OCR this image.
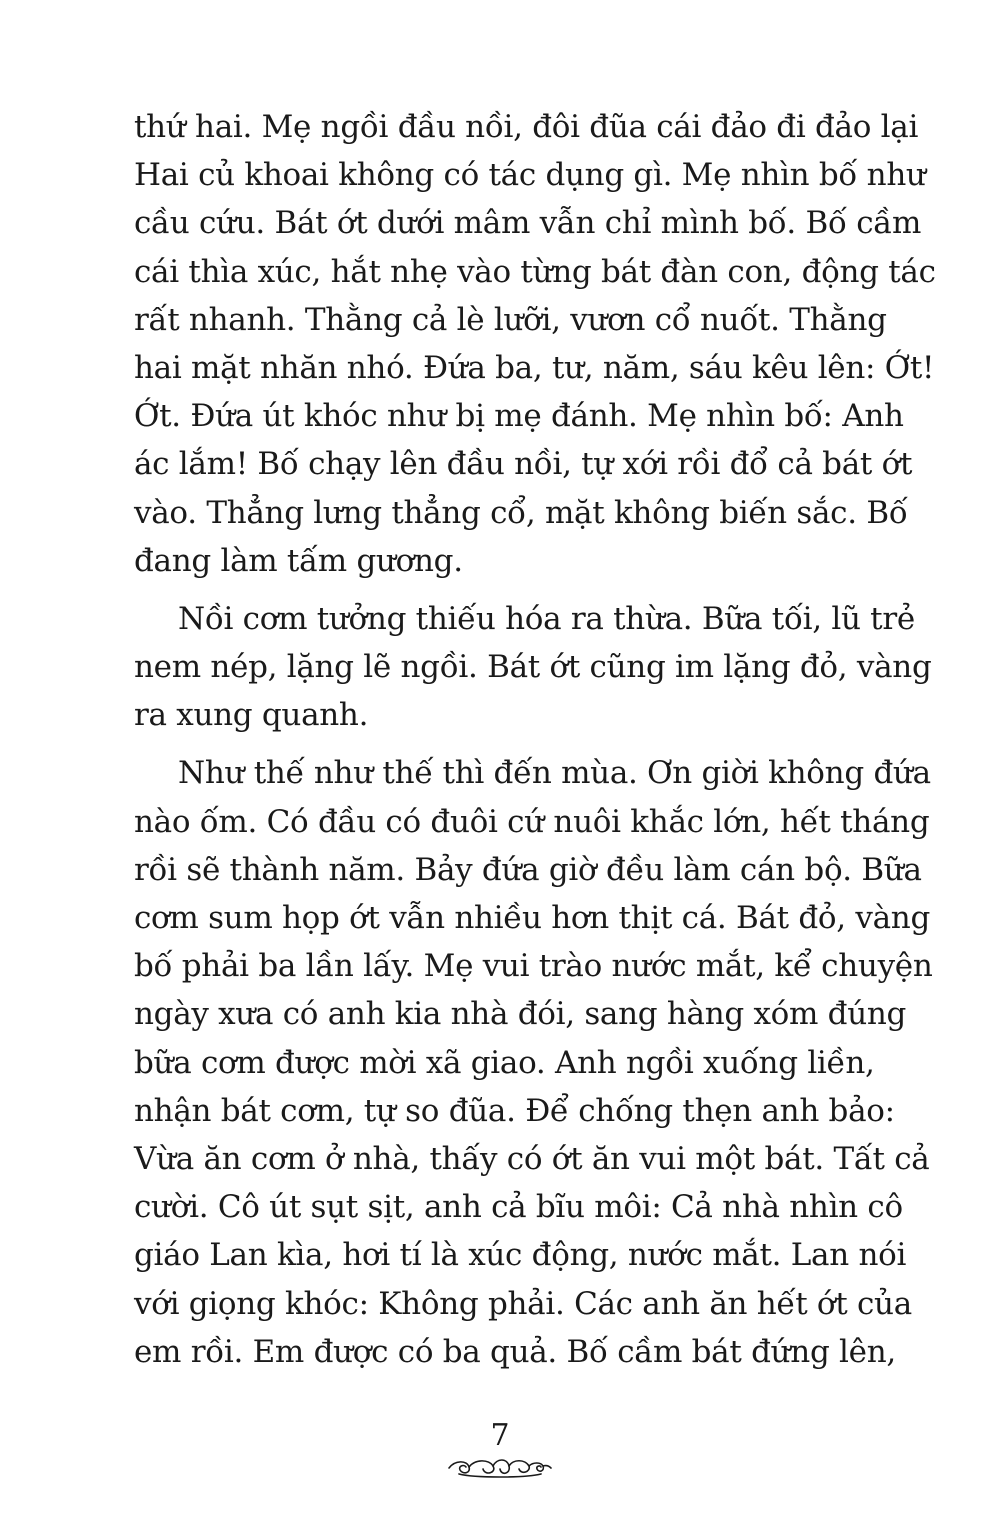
thứ hai. Mẹ ngồi đầu nồi, đôi đũa cái đảo đi đảo lại
Hai củ khoai không có tác dụng gì. Mẹ nhìn bố như
cầu cứu. Bát ớt dưới mâm vẫn chỉ mình bố. Bố cầm
cái thìa xúc, hắt nhẹ vào từng bát đàn con, động tác
rất nhanh. Thằng cả lè lưỡi, vươn cổ nuốt. Thằng
hai mặt nhăn nhó. Đứa ba, tư, năm, sáu kêu lên: Ớt!
Ớt. Đứa út khóc như bị mẹ đánh. Mẹ nhìn bố: Anh
ác lắm! Bố chạy lên đầu nồi, tự xới rồi đổ cả bát ớt
vào. Thẳng lưng thẳng cổ, mặt không biến sắc. Bố
đang làm tấm gương.
Nồi cơm tưởng thiếu hóa ra thừa. Bữa tối, lũ trẻ
nem nép, lặng lẽ ngồi. Bát ớt cũng im lặng đỏ, vàng
ra xung quanh.
Như thế như thế thì đến mùa. Ơn giời không đứa
nào ốm. Có đầu có đuôi cứ nuôi khắc lớn, hết tháng
rồi sẽ thành năm. Bảy đứa giờ đều làm cán bộ. Bữa
cơm sum họp ớt vẫn nhiều hơn thịt cá. Bát đỏ, vàng
bố phải ba lần lấy. Mẹ vui trào nước mắt, kể chuyện
ngày xưa có anh kia nhà đói, sang hàng xóm đúng
bữa cơm được mời xã giao. Anh ngồi xuống liền,
nhận bát cơm, tự so đũa. Để chống thẹn anh bảo:
Vừa ăn cơm ở nhà, thấy có ớt ăn vui một bát. Tất cả
cười. Cô út sụt sịt, anh cả bĩu môi: Cả nhà nhìn cô
giáo Lan kìa, hơi tí là xúc động, nước mắt. Lan nói
với giọng khóc: Không phải. Các anh ăn hết ớt của
em rồi. Em được có ba quả. Bố cầm bát đứng lên,
7
